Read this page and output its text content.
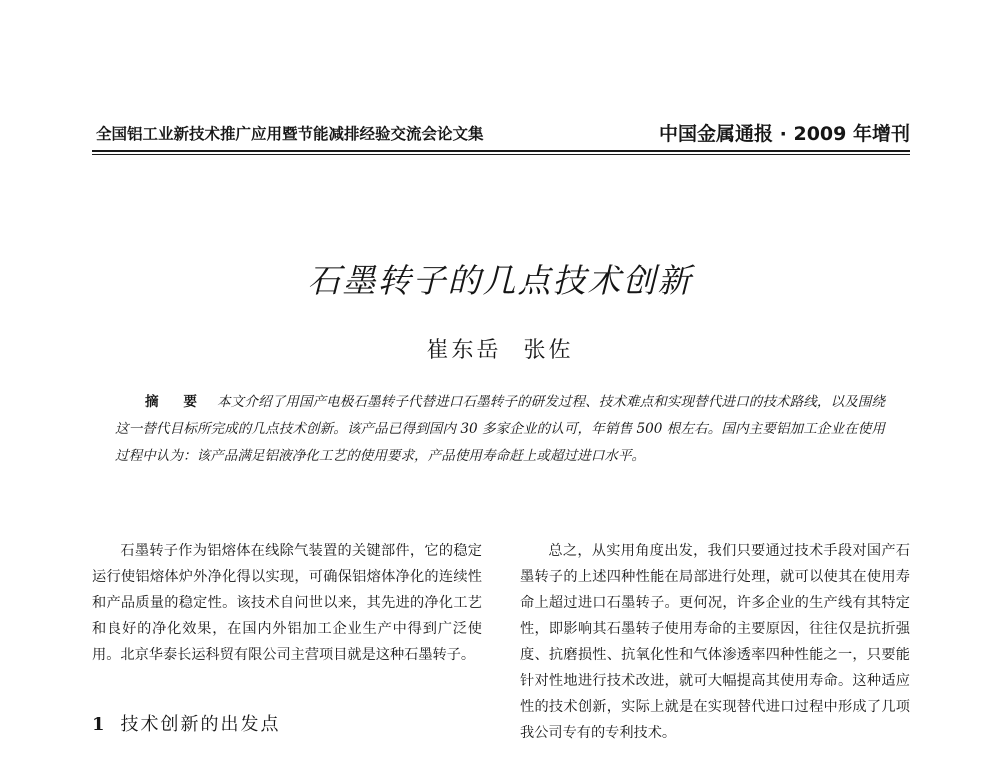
全国铝工业新技术推广应用暨节能减排经验交流会论文集	中国金属通报 · 2009 年增刊
石墨转子的几点技术创新
崔东岳 张佐
摘 要 本文介绍了用国产电极石墨转子代替进口石墨转子的研发过程、技术难点和实现替代进口的技术路线，以及围绕这一替代目标所完成的几点技术创新。该产品已得到国内 30 多家企业的认可，年销售 500 根左右。国内主要铝加工企业在使用过程中认为：该产品满足铝液净化工艺的使用要求，产品使用寿命赶上或超过进口水平。

石墨转子作为铝熔体在线除气装置的关键部件，它的稳定运行使铝熔体炉外净化得以实现，可确保铝熔体净化的连续性和产品质量的稳定性。该技术自问世以来，其先进的净化工艺和良好的净化效果，在国内外铝加工企业生产中得到广泛使用。北京华泰长运科贸有限公司主营项目就是这种石墨转子。

1 技术创新的出发点

总之，从实用角度出发，我们只要通过技术手段对国产石墨转子的上述四种性能在局部进行处理，就可以使其在使用寿命上超过进口石墨转子。更何况，许多企业的生产线有其特定性，即影响其石墨转子使用寿命的主要原因，往往仅是抗折强度、抗磨损性、抗氧化性和气体渗透率四种性能之一，只要能针对性地进行技术改进，就可大幅提高其使用寿命。这种适应性的技术创新，实际上就是在实现替代进口过程中形成了几项我公司专有的专利技术。
